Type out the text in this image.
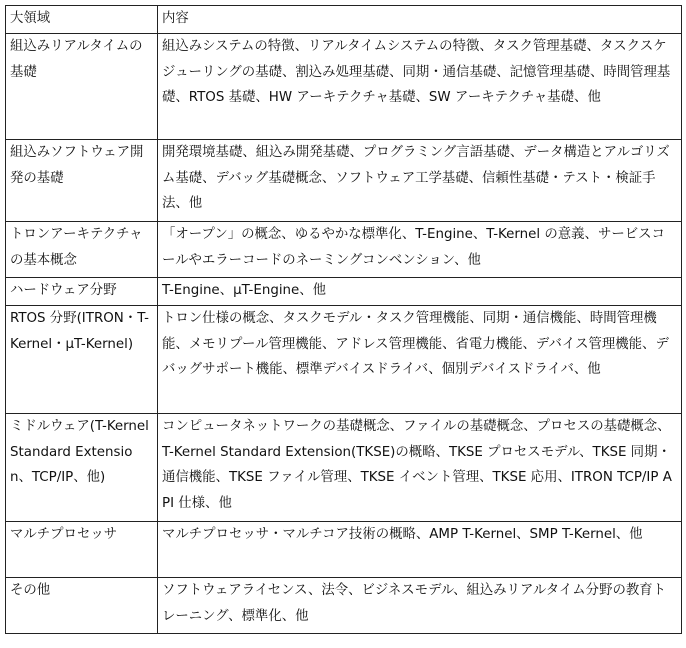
大領域	内容

組込みリアルタイムの基礎	組込みシステムの特徴、リアルタイムシステムの特徴、タスク管理基礎、タスクスケジューリングの基礎、割込み処理基礎、同期・通信基礎、記憶管理基礎、時間管理基礎、RTOS 基礎、HW アーキテクチャ基礎、SW アーキテクチャ基礎、他

組込みソフトウェア開発の基礎	開発環境基礎、組込み開発基礎、プログラミング言語基礎、データ構造とアルゴリズム基礎、デバッグ基礎概念、ソフトウェア工学基礎、信頼性基礎・テスト・検証手法、他

トロンアーキテクチャの基本概念	「オープン」の概念、ゆるやかな標準化、T-Engine、T-Kernel の意義、サービスコールやエラーコードのネーミングコンベンション、他

ハードウェア分野	T-Engine、μT-Engine、他

RTOS 分野(ITRON・T-Kernel・μT-Kernel)	トロン仕様の概念、タスクモデル・タスク管理機能、同期・通信機能、時間管理機能、メモリプール管理機能、アドレス管理機能、省電力機能、デバイス管理機能、デバッグサポート機能、標準デバイスドライバ、個別デバイスドライバ、他

ミドルウェア(T-Kernel Standard Extension、TCP/IP、他)	コンピュータネットワークの基礎概念、ファイルの基礎概念、プロセスの基礎概念、T-Kernel Standard Extension(TKSE)の概略、TKSE プロセスモデル、TKSE 同期・通信機能、TKSE ファイル管理、TKSE イベント管理、TKSE 応用、ITRON TCP/IP API 仕様、他

マルチプロセッサ	マルチプロセッサ・マルチコア技術の概略、AMP T-Kernel、SMP T-Kernel、他

その他	ソフトウェアライセンス、法令、ビジネスモデル、組込みリアルタイム分野の教育トレーニング、標準化、他
